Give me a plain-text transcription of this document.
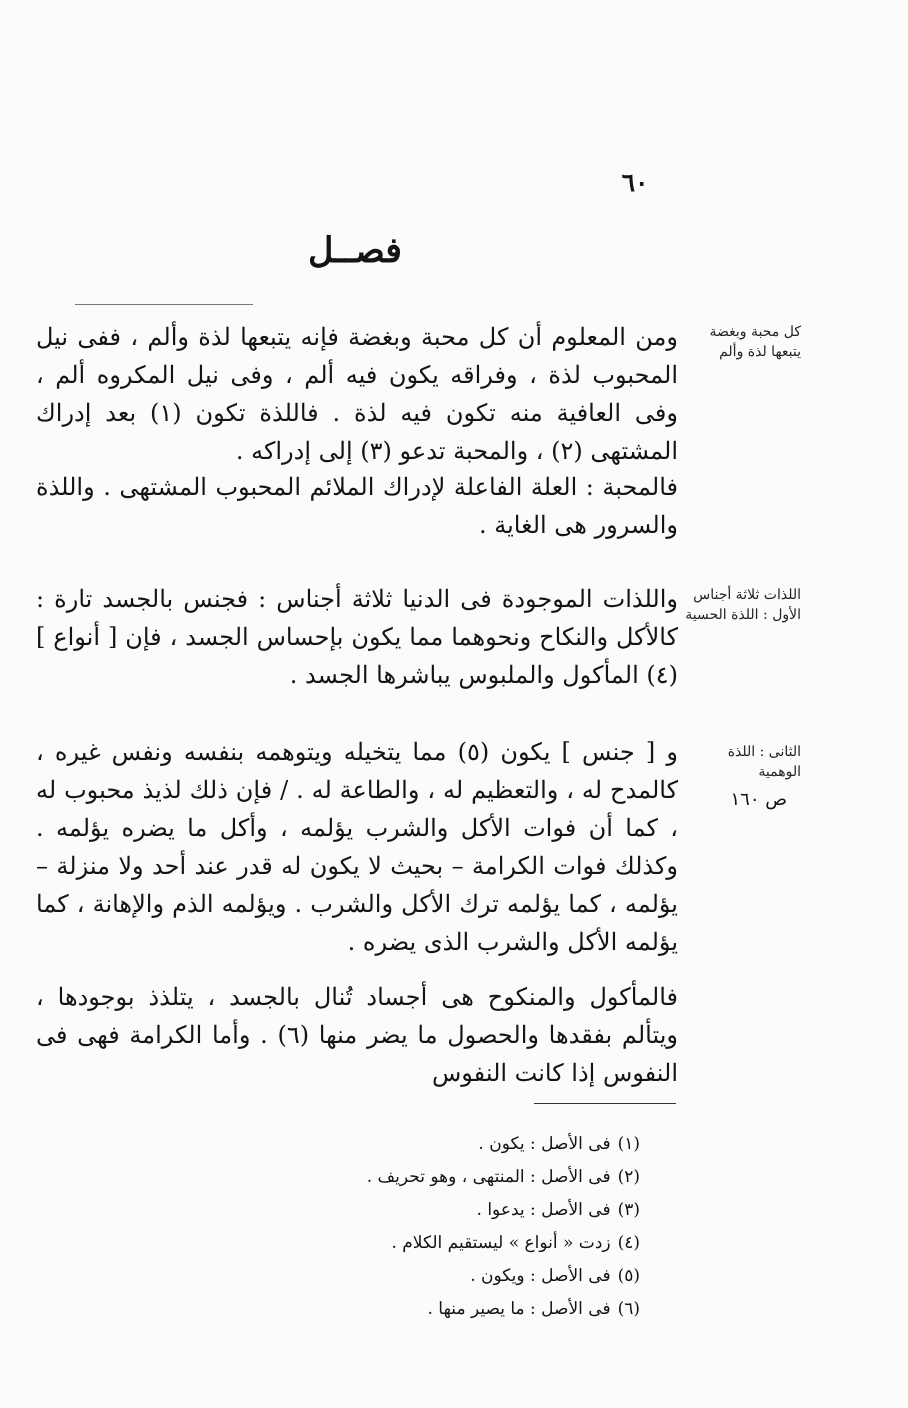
٦٠
فصــل
كل محبة وبغضة يتبعها لذة وألم
اللذات ثلاثة أجناس الأول : اللذة الحسية
الثانى : اللذة الوهمية
ص ١٦٠
ومن المعلوم أن كل محبة وبغضة فإنه يتبعها لذة وألم ، ففى نيل المحبوب لذة ، وفراقه يكون فيه ألم ، وفى نيل المكروه ألم ، وفى العافية منه تكون فيه لذة . فاللذة تكون (١) بعد إدراك المشتهى (٢) ، والمحبة تدعو (٣) إلى إدراكه .
فالمحبة : العلة الفاعلة لإدراك الملائم المحبوب المشتهى . واللذة والسرور هى الغاية .
واللذات الموجودة فى الدنيا ثلاثة أجناس : فجنس بالجسد تارة : كالأكل والنكاح ونحوهما مما يكون بإحساس الجسد ، فإن [ أنواع ] (٤) المأكول والملبوس يباشرها الجسد .
و [ جنس ] يكون (٥) مما يتخيله ويتوهمه بنفسه ونفس غيره ، كالمدح له ، والتعظيم له ، والطاعة له . / فإن ذلك لذيذ محبوب له ، كما أن فوات الأكل والشرب يؤلمه ، وأكل ما يضره يؤلمه . وكذلك فوات الكرامة – بحيث لا يكون له قدر عند أحد ولا منزلة – يؤلمه ، كما يؤلمه ترك الأكل والشرب . ويؤلمه الذم والإهانة ، كما يؤلمه الأكل والشرب الذى يضره .
فالمأكول والمنكوح هى أجساد تُنال بالجسد ، يتلذذ بوجودها ، ويتألم بفقدها والحصول ما يضر منها (٦) . وأما الكرامة فهى فى النفوس إذا كانت النفوس
(١) فى الأصل : يكون .
(٢) فى الأصل : المنتهى ، وهو تحريف .
(٣) فى الأصل : يدعوا .
(٤) زدت « أنواع » ليستقيم الكلام .
(٥) فى الأصل : ويكون .
(٦) فى الأصل : ما يصير منها .
